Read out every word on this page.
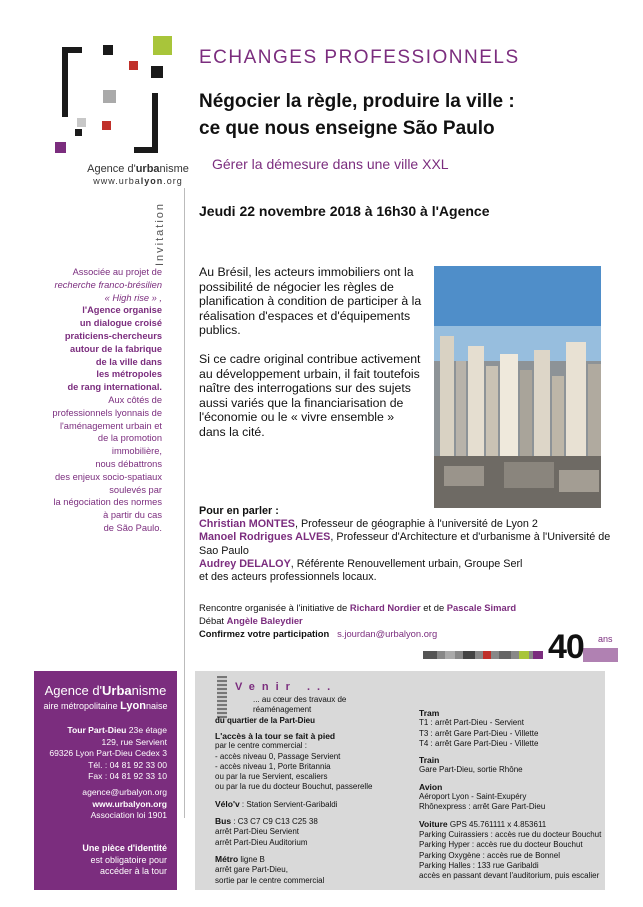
Agence d'urbanisme
www.urbalyon.org
Invitation
ECHANGES PROFESSIONNELS
Négocier la règle, produire la ville :
ce que nous enseigne São Paulo
Gérer la démesure dans une ville XXL
Jeudi 22 novembre 2018 à 16h30 à l'Agence
Associée au projet de
recherche franco-brésilien
« High rise » ,
l'Agence organise
un dialogue croisé
praticiens-chercheurs
autour de la fabrique
de la ville dans
les métropoles
de rang international.
Aux côtés de
professionnels lyonnais de
l'aménagement urbain et
de la promotion
immobilière,
nous débattrons
des enjeux socio-spatiaux
soulevés par
la négociation des normes
à partir du cas
de São Paulo.

Au Brésil, les acteurs immobiliers ont la possibilité de négocier les règles de planification à condition de participer à la réalisation d'espaces et d'équipements publics.

Si ce cadre original contribue activement au développement urbain, il fait toutefois naître des interrogations sur des sujets aussi variés que la financiarisation de l'économie ou le « vivre ensemble » dans la cité.

Pour en parler :
Christian MONTES, Professeur de géographie à l'université de Lyon 2
Manoel Rodrigues ALVES, Professeur d'Architecture et d'urbanisme à l'Université de Sao Paulo
Audrey DELALOY, Référente Renouvellement urbain, Groupe Serl
et des acteurs professionnels locaux.
Rencontre organisée à l'initiative de Richard Nordier et de Pascale Simard
Débat Angèle Baleydier
Confirmez votre participation s.jourdan@urbalyon.org	40 ans
Agence d'Urbanisme
aire métropolitaine Lyonnaise
Tour Part-Dieu 23e étage
129, rue Servient
69326 Lyon Part-Dieu Cedex 3
Tél. : 04 81 92 33 00
Fax : 04 81 92 33 10
agence@urbalyon.org
www.urbalyon.org
Association loi 1901
Une pièce d'identité
est obligatoire pour
accéder à la tour
Venir ...
... au cœur des travaux de réaménagement
du quartier de la Part-Dieu
L'accès à la tour se fait à pied
par le centre commercial :
- accès niveau 0, Passage Servient
- accès niveau 1, Porte Britannia
ou par la rue Servient, escaliers
ou par la rue du docteur Bouchut, passerelle
Vélo'v : Station Servient-Garibaldi
Bus : C3 C7 C9 C13 C25 38
arrêt Part-Dieu Servient
arrêt Part-Dieu Auditorium
Métro ligne B
arrêt gare Part-Dieu,
sortie par le centre commercial
Tram
T1 : arrêt Part-Dieu - Servient
T3 : arrêt Gare Part-Dieu - Villette
T4 : arrêt Gare Part-Dieu - Villette
Train
Gare Part-Dieu, sortie Rhône
Avion
Aéroport Lyon - Saint-Exupéry
Rhônexpress : arrêt Gare Part-Dieu
Voiture GPS 45.761111 x 4.853611
Parking Cuirassiers : accès rue du docteur Bouchut
Parking Hyper : accès rue du docteur Bouchut
Parking Oxygène : accès rue de Bonnel
Parking Halles : 133 rue Garibaldi
accès en passant devant l'auditorium, puis escalier
